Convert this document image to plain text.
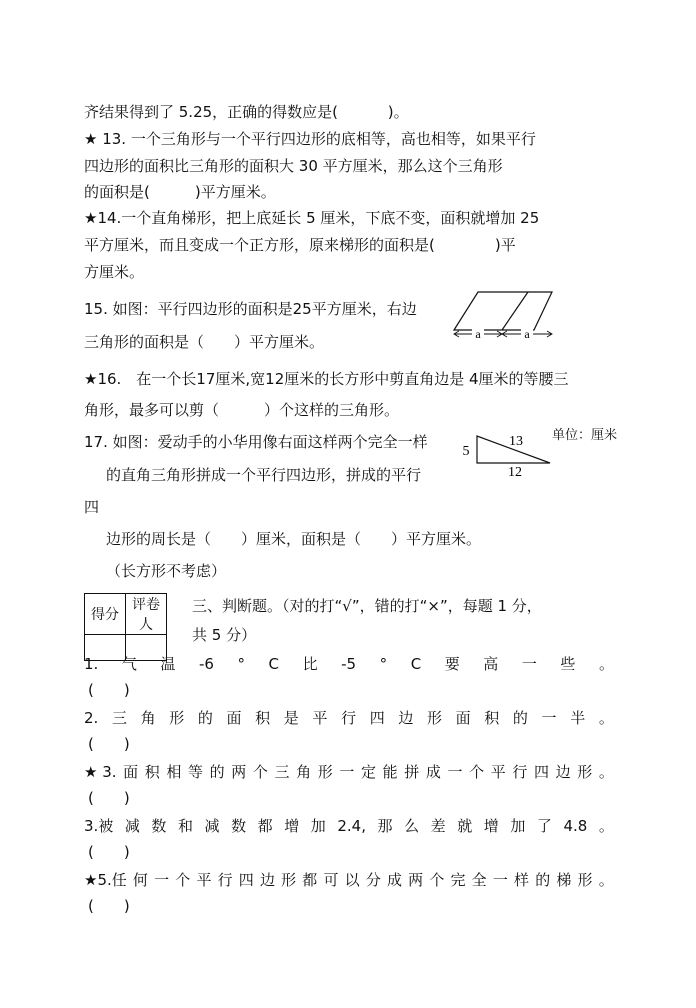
齐结果得到了 5.25，正确的得数应是(　　　 )。
★ 13. 一个三角形与一个平行四边形的底相等，高也相等，如果平行
四边形的面积比三角形的面积大 30 平方厘米，那么这个三角形
的面积是(　　　)平方厘米。
★14.一个直角梯形，把上底延长 5 厘米，下底不变，面积就增加 25
平方厘米，而且变成一个正方形，原来梯形的面积是(　　　　)平
方厘米。
15. 如图：平行四边形的面积是25平方厘米，右边
三角形的面积是（　　）平方厘米。
★16.　在一个长17厘米,宽12厘米的长方形中剪直角边是 4厘米的等腰三
角形，最多可以剪（　　　）个这样的三角形。
17. 如图：爱动手的小华用像右面这样两个完全一样
的直角三角形拼成一个平行四边形，拼成的平行
四
边形的周长是（　　）厘米，面积是（　　）平方厘米。
（长方形不考虑）
a	a
5
13
12
单位：厘米
得分	评卷人

三、判断题。（对的打“√”，错的打“×”，每题 1 分，
共 5 分）
1. 气 温 -6 ° C 比 -5 ° C 要 高 一 些 。
(　　)
2. 三 角 形 的 面 积 是 平 行 四 边 形 面 积 的 一 半 。
(　　)
★ 3. 面 积 相 等 的 两 个 三 角 形 一 定 能 拼 成 一 个 平 行 四 边 形 。
(　　)
3.被 减 数 和 减 数 都 增 加 2.4, 那 么 差 就 增 加 了 4.8 。
(　　)
★5.任 何 一 个 平 行 四 边 形 都 可 以 分 成 两 个 完 全 一 样 的 梯 形 。
(　　)
